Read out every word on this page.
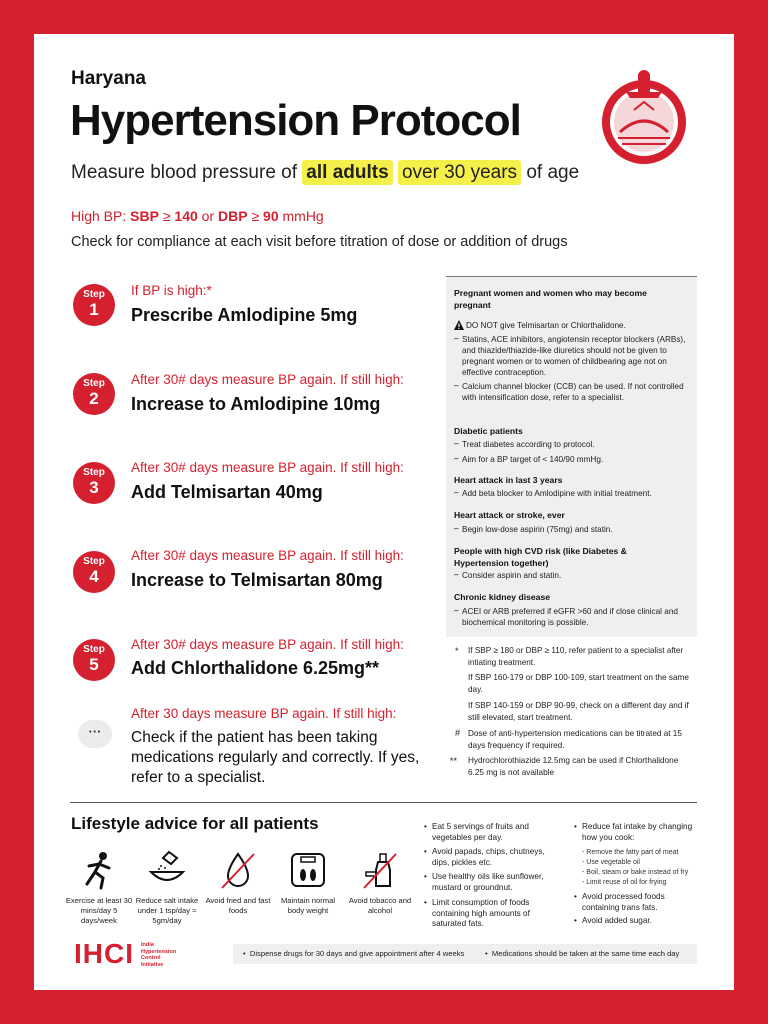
Haryana
Hypertension Protocol
Measure blood pressure of all adults over 30 years of age
High BP: SBP ≥ 140 or DBP ≥ 90 mmHg
Check for compliance at each visit before titration of dose or addition of drugs
Step
1
If BP is high:*
Prescribe Amlodipine 5mg
Step
2
After 30# days measure BP again. If still high:
Increase to Amlodipine 10mg
Step
3
After 30# days measure BP again. If still high:
Add Telmisartan 40mg
Step
4
After 30# days measure BP again. If still high:
Increase to Telmisartan 80mg
Step
5
After 30# days measure BP again. If still high:
Add Chlorthalidone 6.25mg**
···
After 30 days measure BP again. If still high:
Check if the patient has been taking medications regularly and correctly. If yes, refer to a specialist.
Pregnant women and women who may become pregnant
DO NOT give Telmisartan or Chlorthalidone.
– Statins, ACE inhibitors, angiotensin receptor blockers (ARBs), and thiazide/thiazide-like diuretics should not be given to pregnant women or to women of childbearing age not on effective contraception.
– Calcium channel blocker (CCB) can be used. If not controlled with intensification dose, refer to a specialist.
Diabetic patients
– Treat diabetes according to protocol.
– Aim for a BP target of < 140/90 mmHg.
Heart attack in last 3 years
– Add beta blocker to Amlodipine with initial treatment.
Heart attack or stroke, ever
– Begin low-dose aspirin (75mg) and statin.
People with high CVD risk (like Diabetes & Hypertension together)
– Consider aspirin and statin.
Chronic kidney disease
– ACEI or ARB preferred if eGFR >60 and if close clinical and biochemical monitoring is possible.
* If SBP ≥ 180 or DBP ≥ 110, refer patient to a specialist after intiating treatment.
If SBP 160-179 or DBP 100-109, start treatment on the same day.
If SBP 140-159 or DBP 90-99, check on a different day and if still elevated, start treatment.
# Dose of anti-hypertension medications can be titrated at 15 days frequency if required.
** Hydrochlorothiazide 12.5mg can be used if Chlorthalidone 6.25 mg is not available
Lifestyle advice for all patients
Exercise at least 30 mins/day 5 days/week
Reduce salt intake under 1 tsp/day ≈ 5gm/day
Avoid fried and fast foods
Maintain normal body weight
Avoid tobacco and alcohol
• Eat 5 servings of fruits and vegetables per day.
• Avoid papads, chips, chutneys, dips, pickles etc.
• Use healthy oils like sunflower, mustard or groundnut.
• Limit consumption of foods containing high amounts of saturated fats.
• Reduce fat intake by changing how you cook:
- Remove the fatty part of meat
- Use vegetable oil
- Boil, steam or bake instead of fry
- Limit reuse of oil for frying
• Avoid processed foods containing trans fats.
• Avoid added sugar.
IHCI India
Hypertension
Control
Initiative
•  Dispense drugs for 30 days and give appointment after 4 weeks	•  Medications should be taken at the same time each day
